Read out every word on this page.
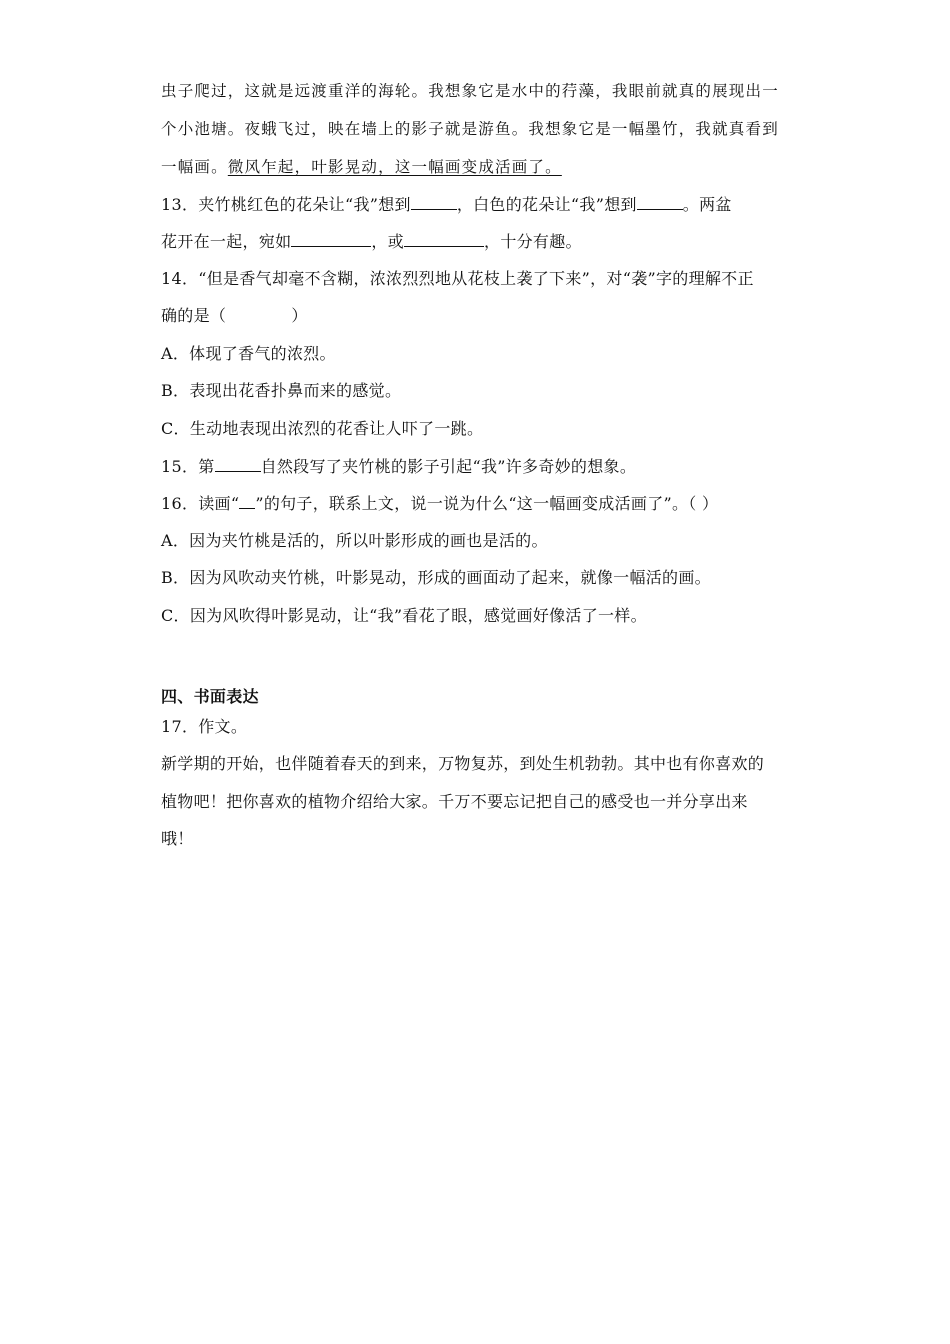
虫子爬过，这就是远渡重洋的海轮。我想象它是水中的荇藻，我眼前就真的展现出一
个小池塘。夜蛾飞过，映在墙上的影子就是游鱼。我想象它是一幅墨竹，我就真看到
一幅画。微风乍起，叶影晃动，这一幅画变成活画了。
13．夹竹桃红色的花朵让“我”想到	，白色的花朵让“我”想到	。两盆
花开在一起，宛如	，或	，十分有趣。
14．“但是香气却毫不含糊，浓浓烈烈地从花枝上袭了下来”，对“袭”字的理解不正
确的是（　　　　）
A．体现了香气的浓烈。
B．表现出花香扑鼻而来的感觉。
C．生动地表现出浓烈的花香让人吓了一跳。
15．第	自然段写了夹竹桃的影子引起“我”许多奇妙的想象。
16．读画“ ”的句子，联系上文，说一说为什么“这一幅画变成活画了”。（ ）
A．因为夹竹桃是活的，所以叶影形成的画也是活的。
B．因为风吹动夹竹桃，叶影晃动，形成的画面动了起来，就像一幅活的画。
C．因为风吹得叶影晃动，让“我”看花了眼，感觉画好像活了一样。
四、书面表达
17．作文。
新学期的开始，也伴随着春天的到来，万物复苏，到处生机勃勃。其中也有你喜欢的
植物吧！把你喜欢的植物介绍给大家。千万不要忘记把自己的感受也一并分享出来
哦！
